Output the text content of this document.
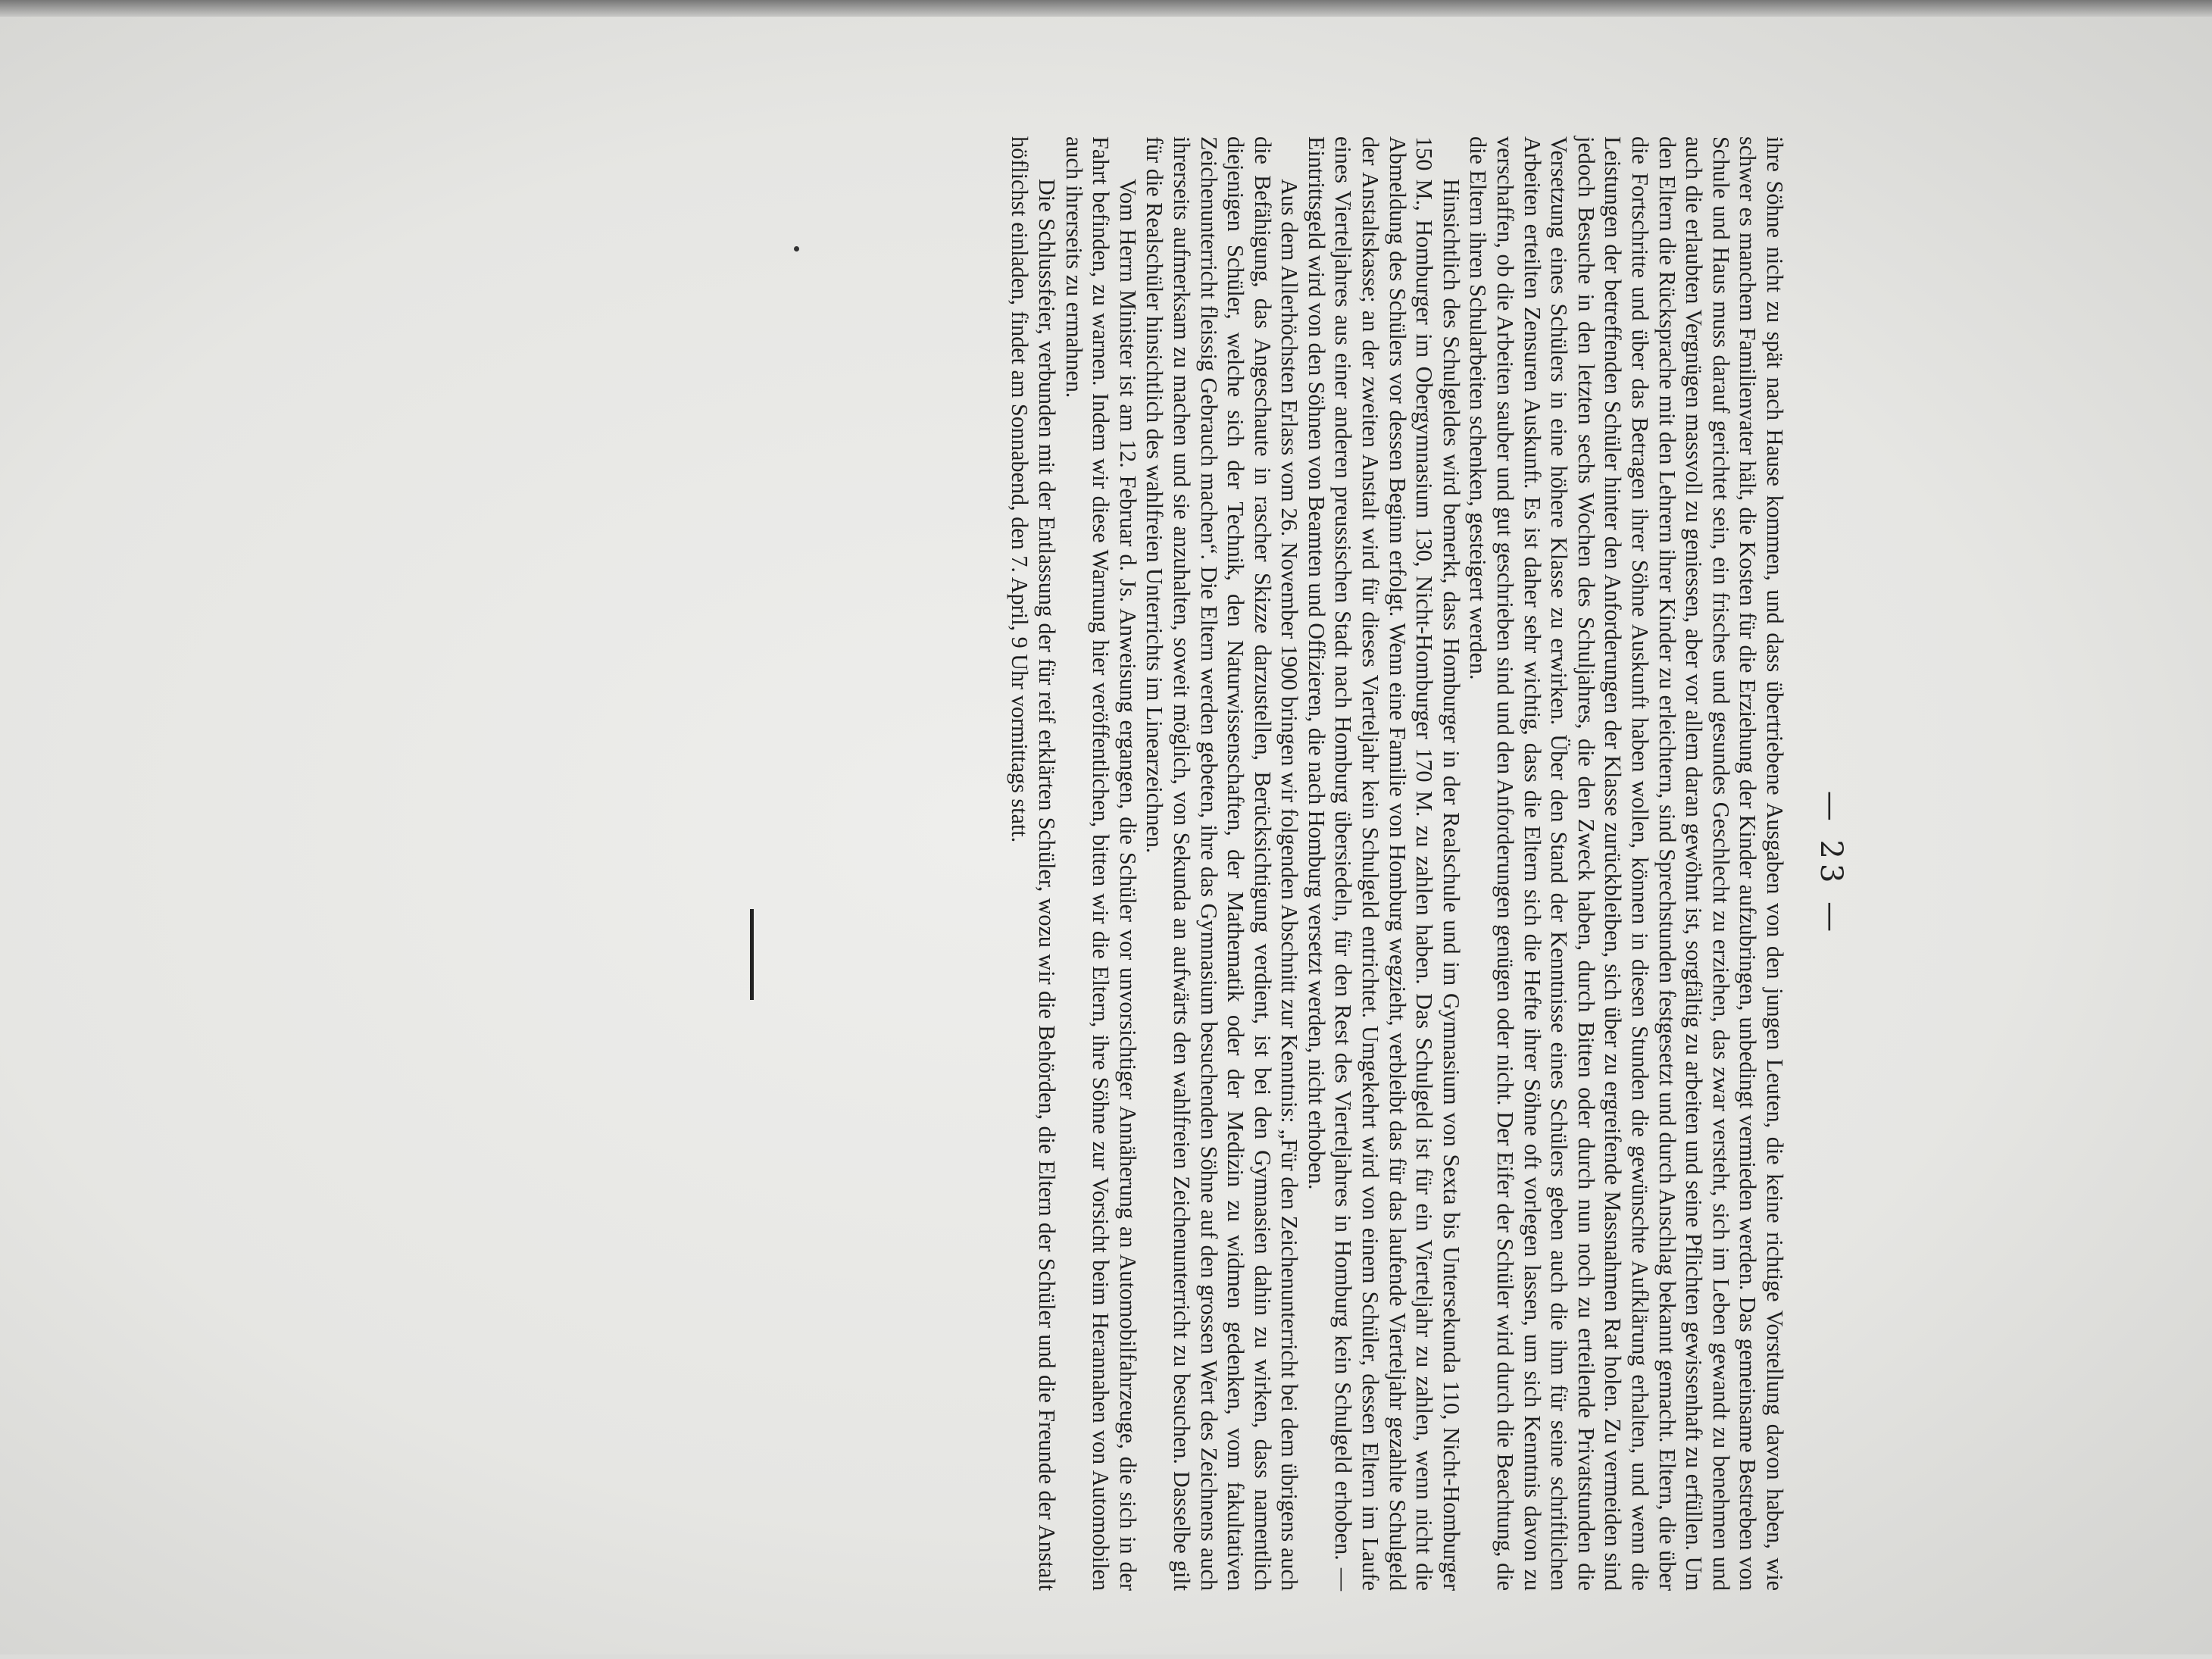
— 23 —

ihre Söhne nicht zu spät nach Hause kommen, und dass übertriebene Ausgaben von den jungen Leuten, die keine richtige Vorstellung davon haben, wie schwer es manchem Familienvater hält, die Kosten für die Erziehung der Kinder aufzubringen, unbedingt vermieden werden. Das gemeinsame Bestreben von Schule und Haus muss darauf gerichtet sein, ein frisches und gesundes Geschlecht zu erziehen, das zwar versteht, sich im Leben gewandt zu benehmen und auch die erlaubten Vergnügen massvoll zu geniessen, aber vor allem daran gewöhnt ist, sorgfältig zu arbeiten und seine Pflichten gewissenhaft zu erfüllen. Um den Eltern die Rücksprache mit den Lehrern ihrer Kinder zu erleichtern, sind Sprechstunden festgesetzt und durch Anschlag bekannt gemacht. Eltern, die über die Fortschritte und über das Betragen ihrer Söhne Auskunft haben wollen, können in diesen Stunden die gewünschte Aufklärung erhalten, und wenn die Leistungen der betreffenden Schüler hinter den Anforderungen der Klasse zurückbleiben, sich über zu ergreifende Massnahmen Rat holen. Zu vermeiden sind jedoch Besuche in den letzten sechs Wochen des Schuljahres, die den Zweck haben, durch Bitten oder durch nun noch zu erteilende Privatstunden die Versetzung eines Schülers in eine höhere Klasse zu erwirken. Über den Stand der Kenntnisse eines Schülers geben auch die ihm für seine schriftlichen Arbeiten erteilten Zensuren Auskunft. Es ist daher sehr wichtig, dass die Eltern sich die Hefte ihrer Söhne oft vorlegen lassen, um sich Kenntnis davon zu verschaffen, ob die Arbeiten sauber und gut geschrieben sind und den Anforderungen genügen oder nicht. Der Eifer der Schüler wird durch die Beachtung, die die Eltern ihren Schularbeiten schenken, gesteigert werden.

Hinsichtlich des Schulgeldes wird bemerkt, dass Homburger in der Realschule und im Gymnasium von Sexta bis Untersekunda 110, Nicht-Homburger 150 M., Homburger im Obergymnasium 130, Nicht-Homburger 170 M. zu zahlen haben. Das Schulgeld ist für ein Vierteljahr zu zahlen, wenn nicht die Abmeldung des Schülers vor dessen Beginn erfolgt. Wenn eine Familie von Homburg wegzieht, verbleibt das für das laufende Vierteljahr gezahlte Schulgeld der Anstaltskasse; an der zweiten Anstalt wird für dieses Vierteljahr kein Schulgeld entrichtet. Umgekehrt wird von einem Schüler, dessen Eltern im Laufe eines Vierteljahres aus einer anderen preussischen Stadt nach Homburg übersiedeln, für den Rest des Vierteljahres in Homburg kein Schulgeld erhoben. — Eintrittsgeld wird von den Söhnen von Beamten und Offizieren, die nach Homburg versetzt werden, nicht erhoben.

Aus dem Allerhöchsten Erlass vom 26. November 1900 bringen wir folgenden Abschnitt zur Kenntnis: „Für den Zeichenunterricht bei dem übrigens auch die Befähigung, das Angeschaute in rascher Skizze darzustellen, Berücksichtigung verdient, ist bei den Gymnasien dahin zu wirken, dass namentlich diejenigen Schüler, welche sich der Technik, den Naturwissenschaften, der Mathematik oder der Medizin zu widmen gedenken, vom fakultativen Zeichenunterricht fleissig Gebrauch machen“. Die Eltern werden gebeten, ihre das Gymnasium besuchenden Söhne auf den grossen Wert des Zeichnens auch ihrerseits aufmerksam zu machen und sie anzuhalten, soweit möglich, von Sekunda an aufwärts den wahlfreien Zeichenunterricht zu besuchen. Dasselbe gilt für die Realschüler hinsichtlich des wahlfreien Unterrichts im Linearzeichnen.

Vom Herrn Minister ist am 12. Februar d. Js. Anweisung ergangen, die Schüler vor unvorsichtiger Annäherung an Automobilfahrzeuge, die sich in der Fahrt befinden, zu warnen. Indem wir diese Warnung hier veröffentlichen, bitten wir die Eltern, ihre Söhne zur Vorsicht beim Herannahen von Automobilen auch ihrerseits zu ermahnen.

Die Schlussfeier, verbunden mit der Entlassung der für reif erklärten Schüler, wozu wir die Behörden, die Eltern der Schüler und die Freunde der Anstalt höflichst einladen, findet am Sonnabend, den 7. April, 9 Uhr vormittags statt.
